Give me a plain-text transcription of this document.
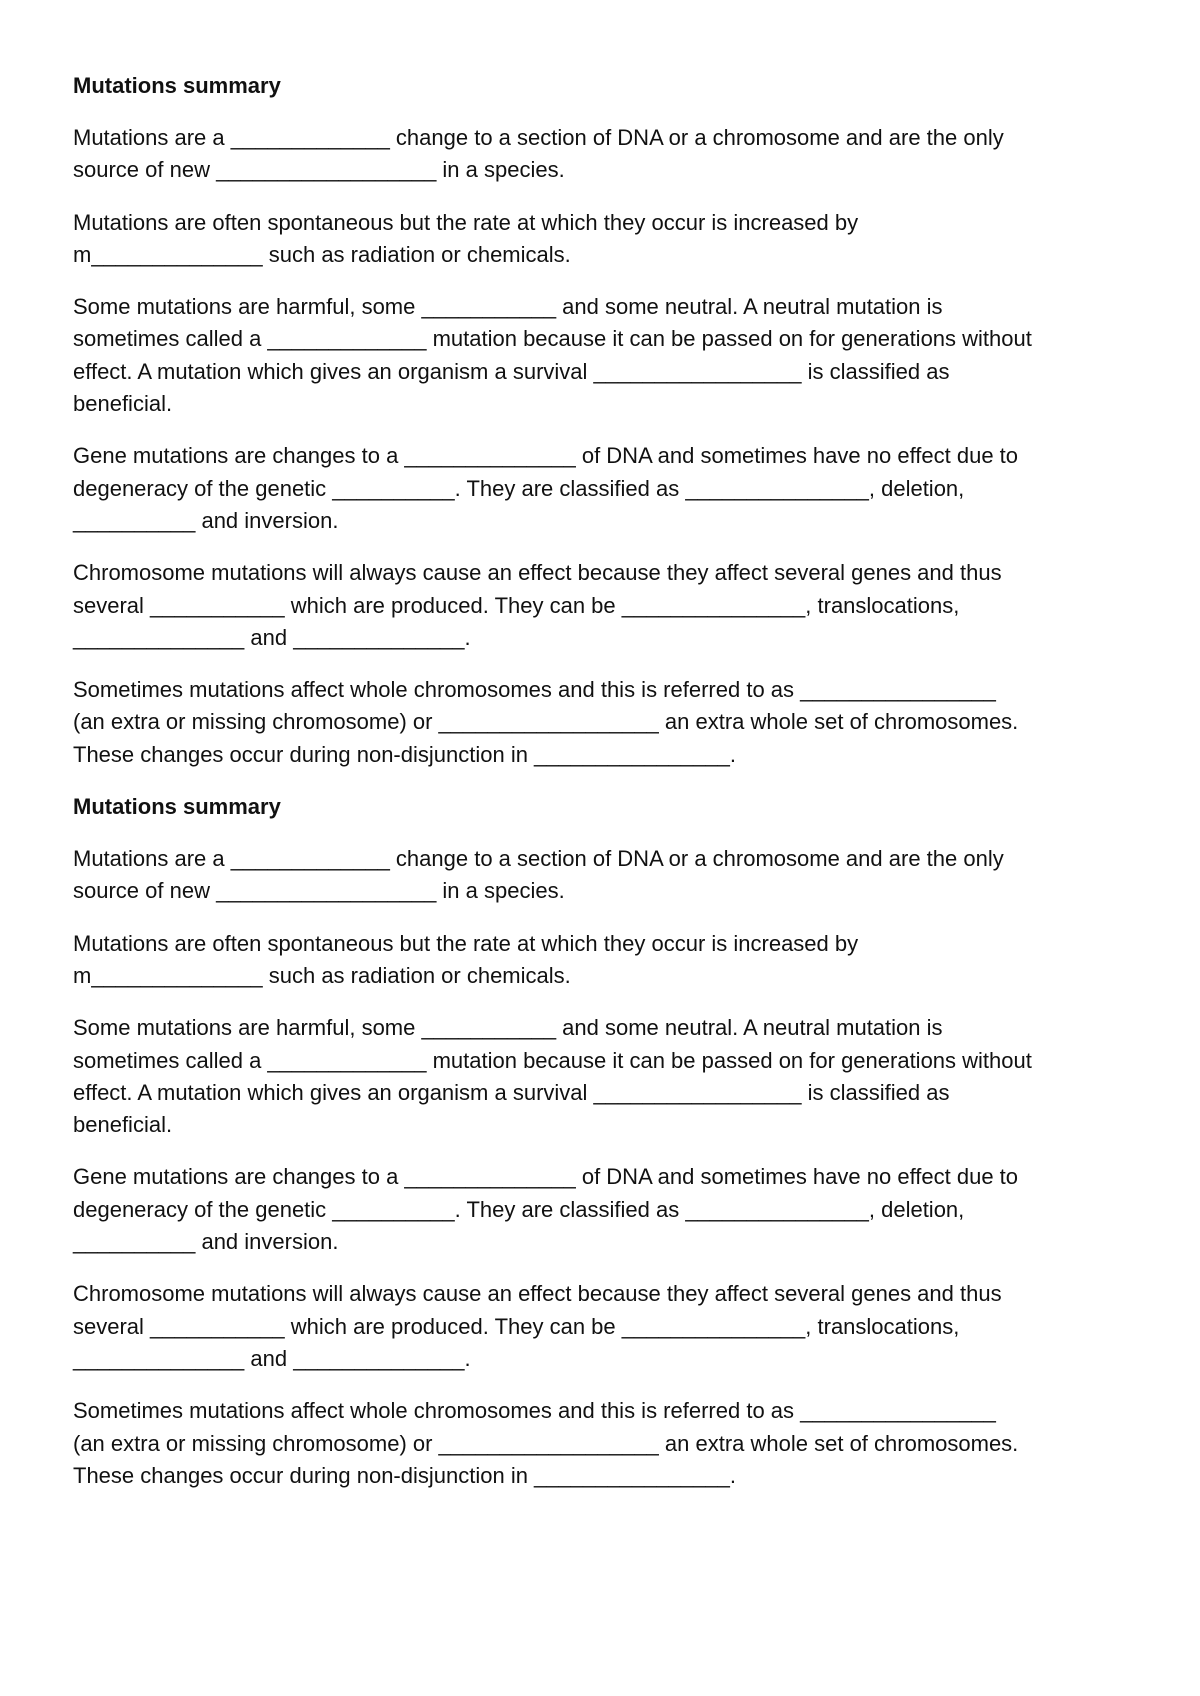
Mutations summary
Mutations are a _____________ change to a section of DNA or a chromosome and are the only
source of new __________________ in a species.
Mutations are often spontaneous but the rate at which they occur is increased by
m______________ such as radiation or chemicals.
Some mutations are harmful, some ___________ and some neutral. A neutral mutation is
sometimes called a _____________ mutation because it can be passed on for generations without
effect. A mutation which gives an organism a survival _________________ is classified as
beneficial.
Gene mutations are changes to a ______________ of DNA and sometimes have no effect due to
degeneracy of the genetic __________. They are classified as _______________, deletion,
__________ and inversion.
Chromosome mutations will always cause an effect because they affect several genes and thus
several ___________ which are produced. They can be _______________, translocations,
______________ and ______________.
Sometimes mutations affect whole chromosomes and this is referred to as ________________
(an extra or missing chromosome) or __________________ an extra whole set of chromosomes.
These changes occur during non-disjunction in ________________.
Mutations summary
Mutations are a _____________ change to a section of DNA or a chromosome and are the only
source of new __________________ in a species.
Mutations are often spontaneous but the rate at which they occur is increased by
m______________ such as radiation or chemicals.
Some mutations are harmful, some ___________ and some neutral. A neutral mutation is
sometimes called a _____________ mutation because it can be passed on for generations without
effect. A mutation which gives an organism a survival _________________ is classified as
beneficial.
Gene mutations are changes to a ______________ of DNA and sometimes have no effect due to
degeneracy of the genetic __________. They are classified as _______________, deletion,
__________ and inversion.
Chromosome mutations will always cause an effect because they affect several genes and thus
several ___________ which are produced. They can be _______________, translocations,
______________ and ______________.
Sometimes mutations affect whole chromosomes and this is referred to as ________________
(an extra or missing chromosome) or __________________ an extra whole set of chromosomes.
These changes occur during non-disjunction in ________________.
